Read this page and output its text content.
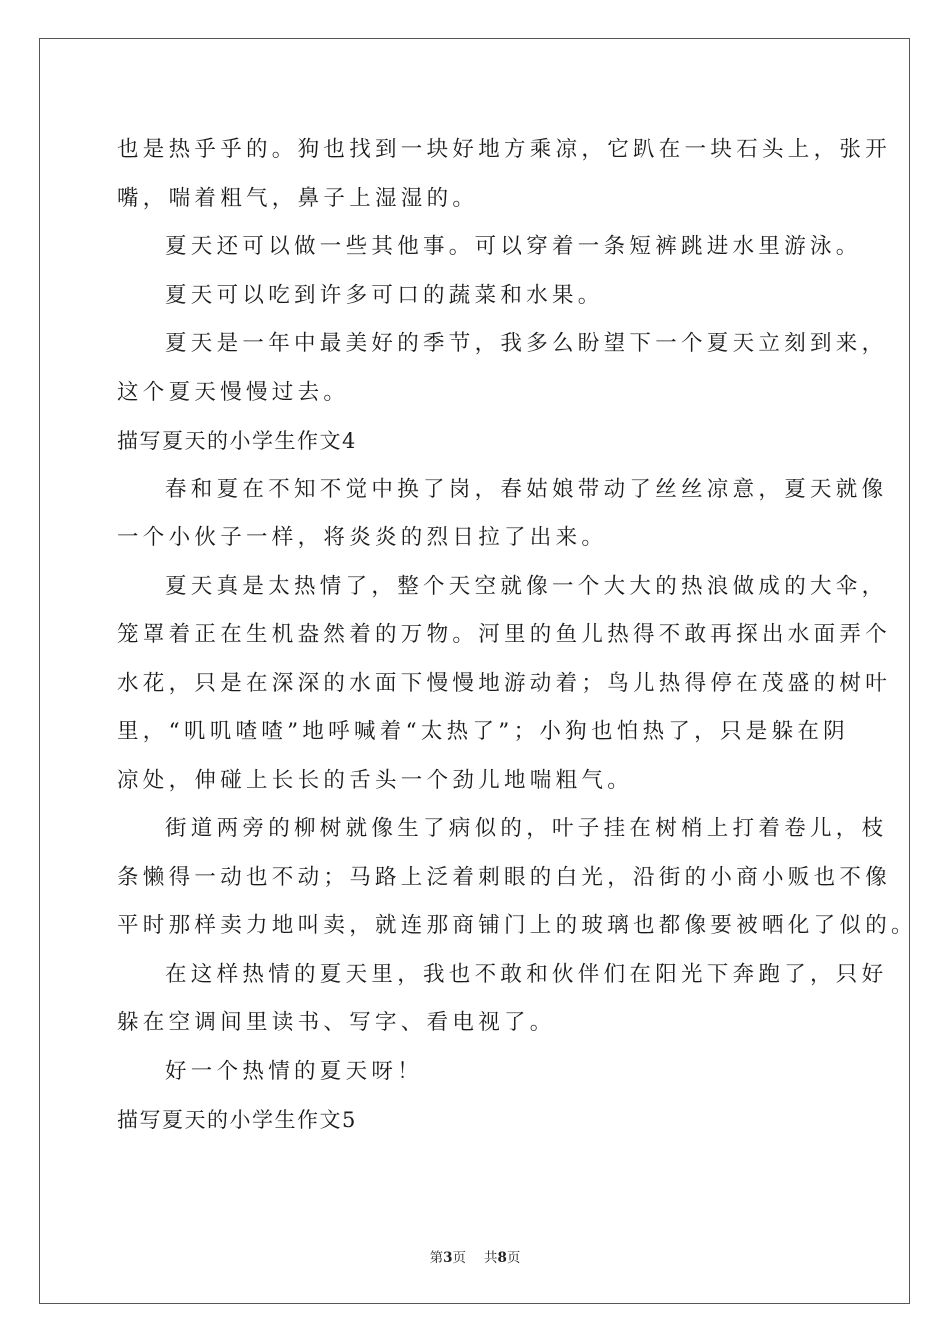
也是热乎乎的。狗也找到一块好地方乘凉，它趴在一块石头上，张开
嘴，喘着粗气，鼻子上湿湿的。
夏天还可以做一些其他事。可以穿着一条短裤跳进水里游泳。
夏天可以吃到许多可口的蔬菜和水果。
夏天是一年中最美好的季节，我多么盼望下一个夏天立刻到来，
这个夏天慢慢过去。
描写夏天的小学生作文4
春和夏在不知不觉中换了岗，春姑娘带动了丝丝凉意，夏天就像
一个小伙子一样，将炎炎的烈日拉了出来。
夏天真是太热情了，整个天空就像一个大大的热浪做成的大伞，
笼罩着正在生机盎然着的万物。河里的鱼儿热得不敢再探出水面弄个
水花，只是在深深的水面下慢慢地游动着；鸟儿热得停在茂盛的树叶
里，“叽叽喳喳”地呼喊着“太热了”；小狗也怕热了，只是躲在阴
凉处，伸碰上长长的舌头一个劲儿地喘粗气。
街道两旁的柳树就像生了病似的，叶子挂在树梢上打着卷儿，枝
条懒得一动也不动；马路上泛着刺眼的白光，沿街的小商小贩也不像
平时那样卖力地叫卖，就连那商铺门上的玻璃也都像要被晒化了似的。
在这样热情的夏天里，我也不敢和伙伴们在阳光下奔跑了，只好
躲在空调间里读书、写字、看电视了。
好一个热情的夏天呀！
描写夏天的小学生作文5
第3页 共8页
